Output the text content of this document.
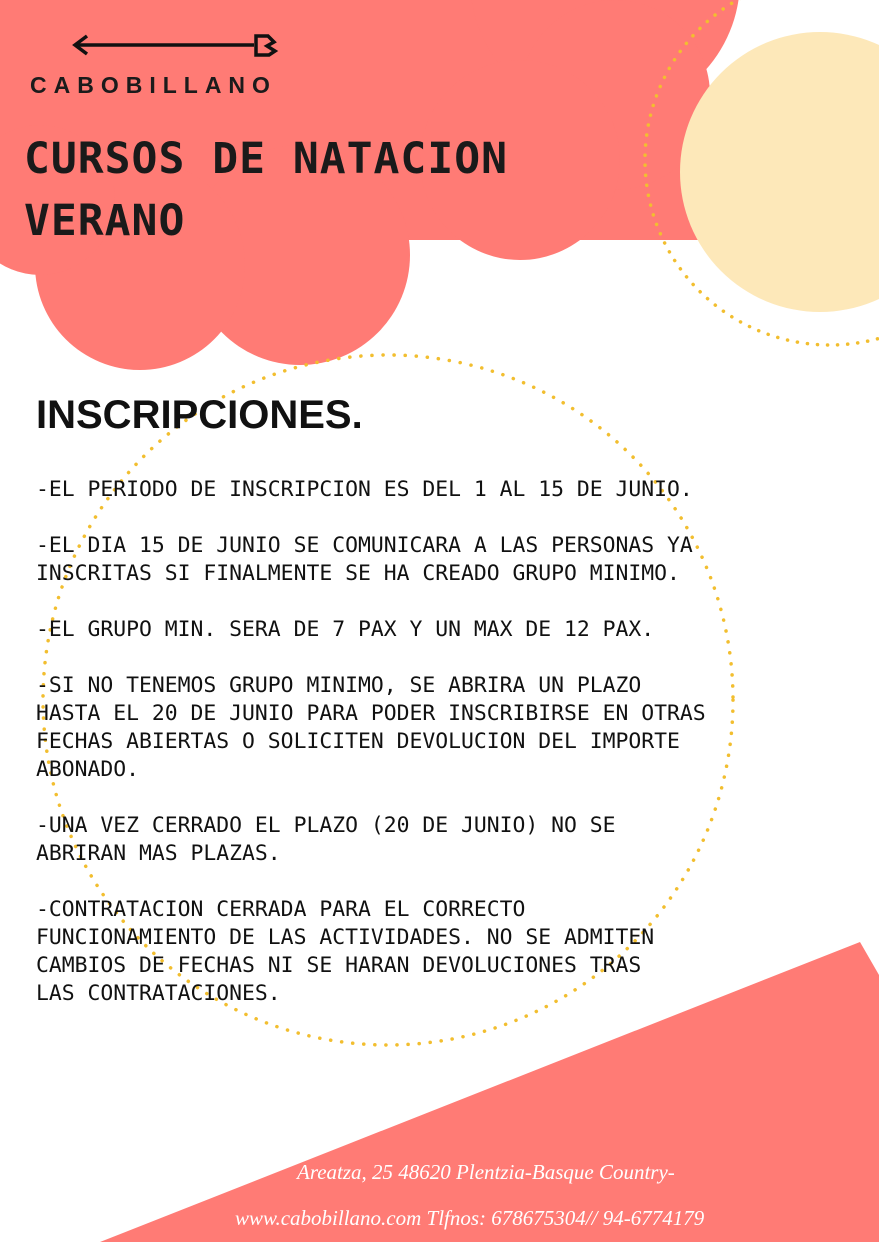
CABOBILLANO
CURSOS DE NATACION
VERANO
INSCRIPCIONES.

-EL PERIODO DE INSCRIPCION ES DEL 1 AL 15 DE JUNIO.

-EL DIA 15 DE JUNIO SE COMUNICARA A LAS PERSONAS YA
INSCRITAS SI FINALMENTE SE HA CREADO GRUPO MINIMO.

-EL GRUPO MIN. SERA DE 7 PAX Y UN MAX DE 12 PAX.

-SI NO TENEMOS GRUPO MINIMO, SE ABRIRA UN PLAZO
HASTA EL 20 DE JUNIO PARA PODER INSCRIBIRSE EN OTRAS
FECHAS ABIERTAS O SOLICITEN DEVOLUCION DEL IMPORTE
ABONADO.

-UNA VEZ CERRADO EL PLAZO (20 DE JUNIO) NO SE
ABRIRAN MAS PLAZAS.

-CONTRATACION CERRADA PARA EL CORRECTO
FUNCIONAMIENTO DE LAS ACTIVIDADES. NO SE ADMITEN
CAMBIOS DE FECHAS NI SE HARAN DEVOLUCIONES TRAS
LAS CONTRATACIONES.

Areatza, 25 48620 Plentzia-Basque Country-
www.cabobillano.com Tlfnos: 678675304// 94-6774179
